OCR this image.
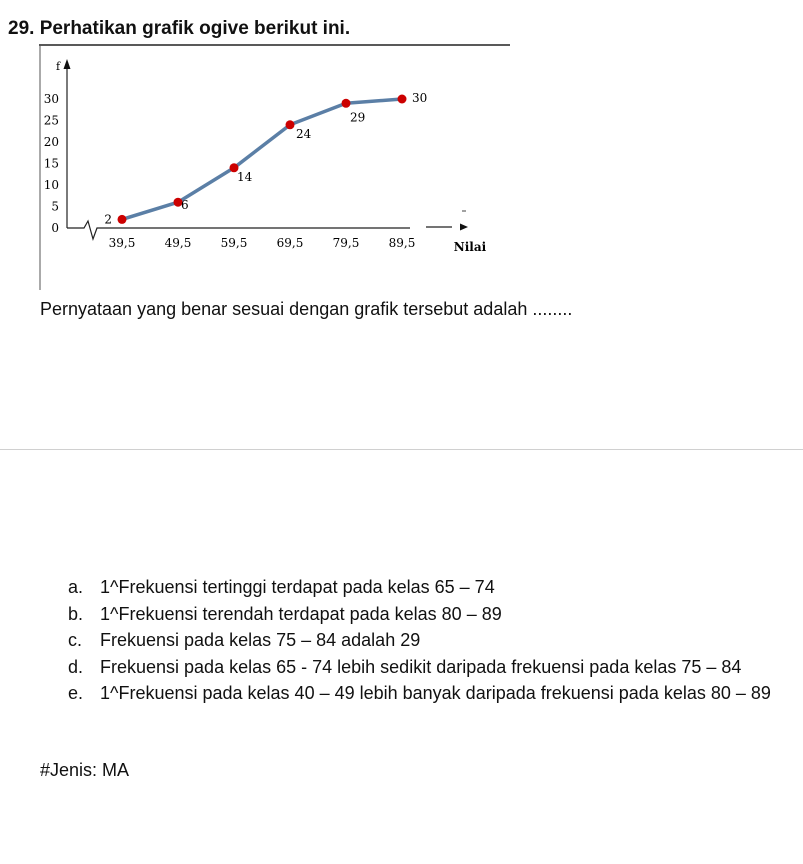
29. Perhatikan grafik ogive berikut ini.
f
Nilai
0
5
10
15
20
25
30
39,5 49,5 59,5 69,5 79,5 89,5
2
6
14
24
29
30
Pernyataan yang benar sesuai dengan grafik tersebut adalah ........
a. 1^Frekuensi tertinggi terdapat pada kelas 65 – 74
b. 1^Frekuensi terendah terdapat pada kelas 80 – 89
c. Frekuensi pada kelas 75 – 84 adalah 29
d. Frekuensi pada kelas 65 - 74 lebih sedikit daripada frekuensi pada kelas 75 – 84
e. 1^Frekuensi pada kelas 40 – 49 lebih banyak daripada frekuensi pada kelas 80 – 89
#Jenis: MA
